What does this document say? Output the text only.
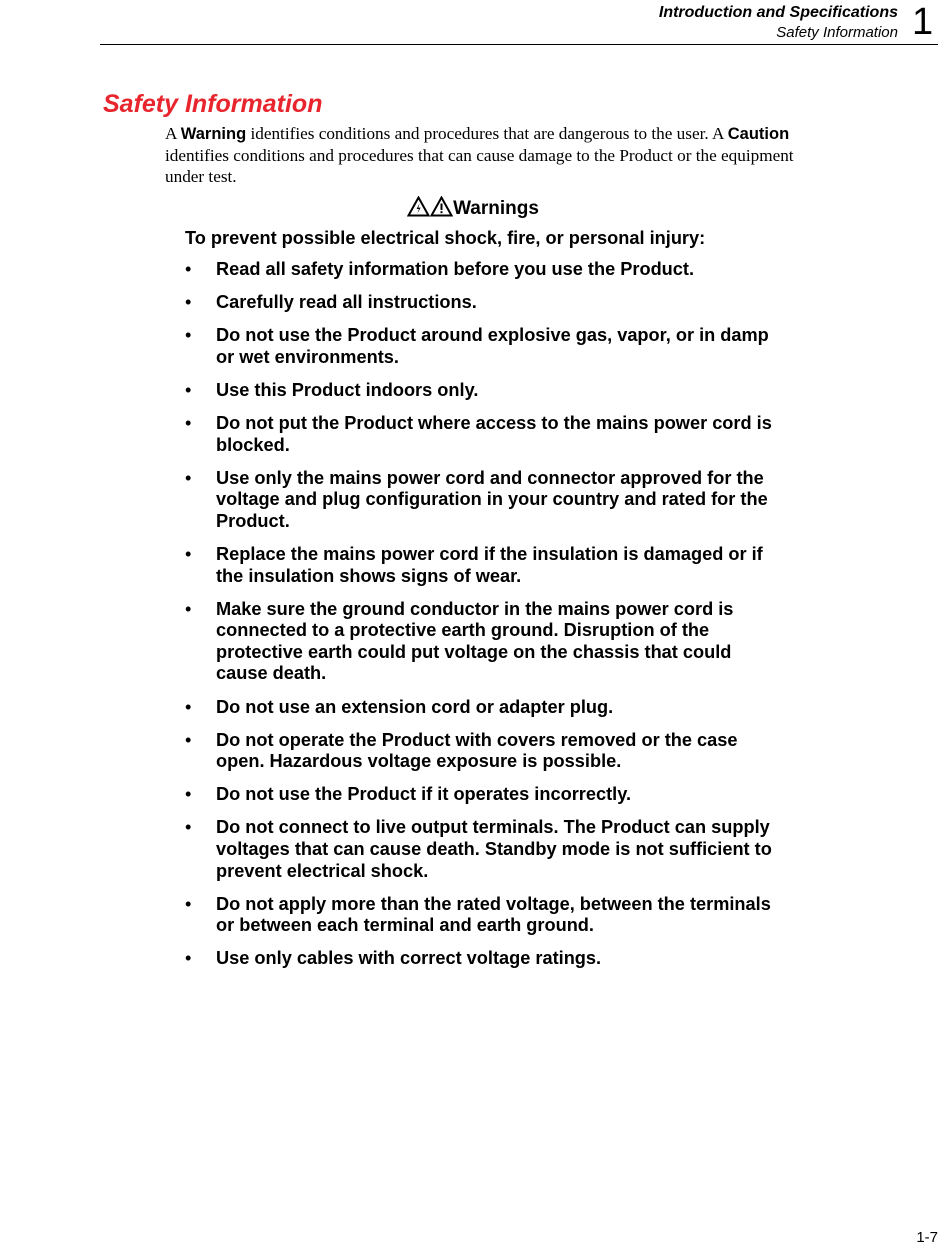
Introduction and Specifications
Safety Information 1
Safety Information

A Warning identifies conditions and procedures that are dangerous to the user. A Caution identifies conditions and procedures that can cause damage to the Product or the equipment under test.

Warnings

To prevent possible electrical shock, fire, or personal injury:

• Read all safety information before you use the Product.
• Carefully read all instructions.
• Do not use the Product around explosive gas, vapor, or in damp or wet environments.
• Use this Product indoors only.
• Do not put the Product where access to the mains power cord is blocked.
• Use only the mains power cord and connector approved for the voltage and plug configuration in your country and rated for the Product.
• Replace the mains power cord if the insulation is damaged or if the insulation shows signs of wear.
• Make sure the ground conductor in the mains power cord is connected to a protective earth ground. Disruption of the protective earth could put voltage on the chassis that could cause death.
• Do not use an extension cord or adapter plug.
• Do not operate the Product with covers removed or the case open. Hazardous voltage exposure is possible.
• Do not use the Product if it operates incorrectly.
• Do not connect to live output terminals. The Product can supply voltages that can cause death. Standby mode is not sufficient to prevent electrical shock.
• Do not apply more than the rated voltage, between the terminals or between each terminal and earth ground.
• Use only cables with correct voltage ratings.
1-7
